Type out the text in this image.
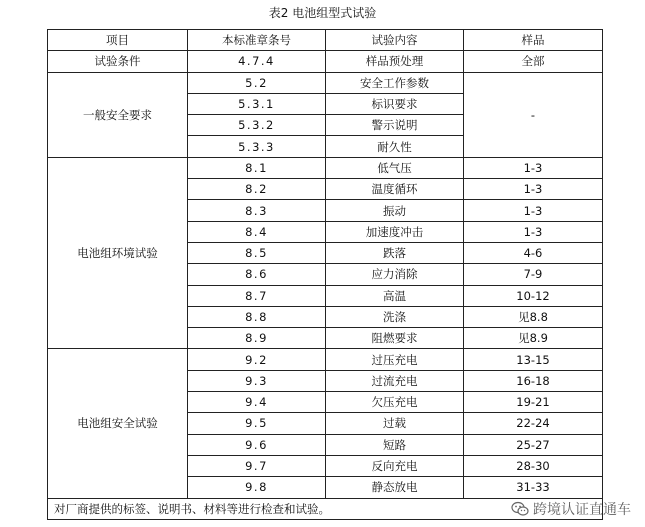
表2 电池组型式试验
项目	本标准章条号	试验内容	样品
试验条件	4.7.4	样品预处理	全部
一般安全要求	5.2	安全工作参数	-
	5.3.1	标识要求	
	5.3.2	警示说明	
	5.3.3	耐久性	
电池组环境试验	8.1	低气压	1-3
	8.2	温度循环	1-3
	8.3	振动	1-3
	8.4	加速度冲击	1-3
	8.5	跌落	4-6
	8.6	应力消除	7-9
	8.7	高温	10-12
	8.8	洗涤	见8.8
	8.9	阻燃要求	见8.9
电池组安全试验	9.2	过压充电	13-15
	9.3	过流充电	16-18
	9.4	欠压充电	19-21
	9.5	过载	22-24
	9.6	短路	25-27
	9.7	反向充电	28-30
	9.8	静态放电	31-33
对厂商提供的标签、说明书、材料等进行检查和试验。				跨境认证直通车
